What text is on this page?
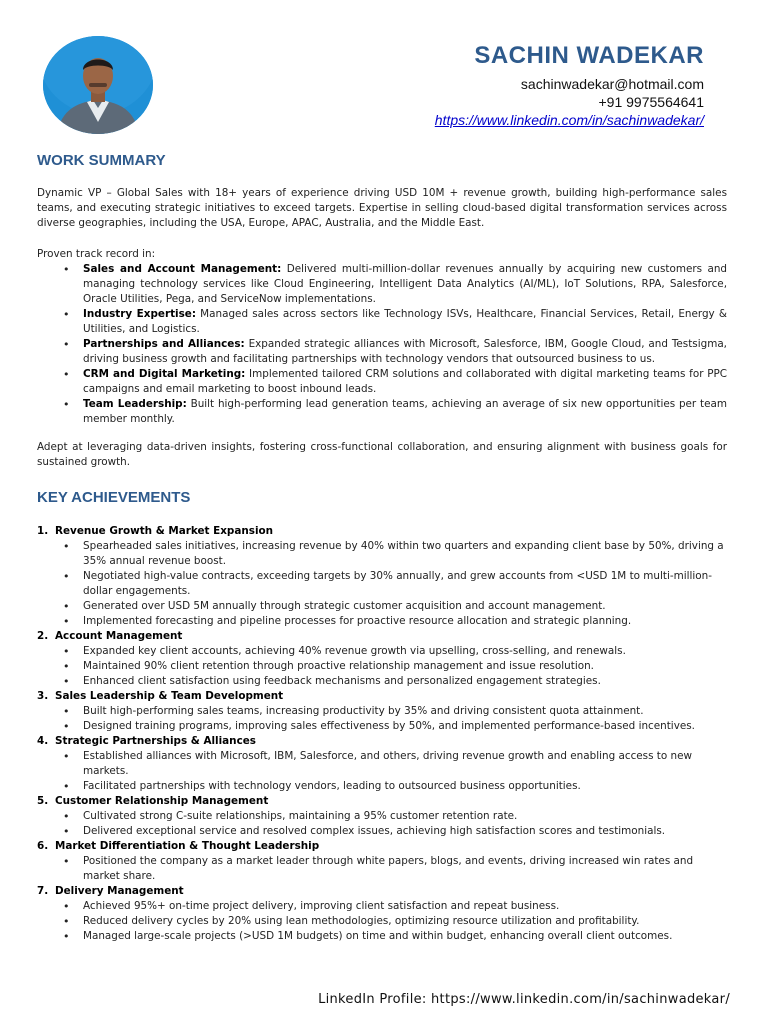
SACHIN WADEKAR
sachinwadekar@hotmail.com
+91 9975564641
https://www.linkedin.com/in/sachinwadekar/
WORK SUMMARY
Dynamic VP – Global Sales with 18+ years of experience driving USD 10M + revenue growth, building high-performance sales teams, and executing strategic initiatives to exceed targets. Expertise in selling cloud-based digital transformation services across diverse geographies, including the USA, Europe, APAC, Australia, and the Middle East.
Proven track record in:
• Sales and Account Management: Delivered multi-million-dollar revenues annually by acquiring new customers and managing technology services like Cloud Engineering, Intelligent Data Analytics (AI/ML), IoT Solutions, RPA, Salesforce, Oracle Utilities, Pega, and ServiceNow implementations.
• Industry Expertise: Managed sales across sectors like Technology ISVs, Healthcare, Financial Services, Retail, Energy & Utilities, and Logistics.
• Partnerships and Alliances: Expanded strategic alliances with Microsoft, Salesforce, IBM, Google Cloud, and Testsigma, driving business growth and facilitating partnerships with technology vendors that outsourced business to us.
• CRM and Digital Marketing: Implemented tailored CRM solutions and collaborated with digital marketing teams for PPC campaigns and email marketing to boost inbound leads.
• Team Leadership: Built high-performing lead generation teams, achieving an average of six new opportunities per team member monthly.
Adept at leveraging data-driven insights, fostering cross-functional collaboration, and ensuring alignment with business goals for sustained growth.
KEY ACHIEVEMENTS
1. Revenue Growth & Market Expansion
• Spearheaded sales initiatives, increasing revenue by 40% within two quarters and expanding client base by 50%, driving a 35% annual revenue boost.
• Negotiated high-value contracts, exceeding targets by 30% annually, and grew accounts from <USD 1M to multi-million-dollar engagements.
• Generated over USD 5M annually through strategic customer acquisition and account management.
• Implemented forecasting and pipeline processes for proactive resource allocation and strategic planning.
2. Account Management
• Expanded key client accounts, achieving 40% revenue growth via upselling, cross-selling, and renewals.
• Maintained 90% client retention through proactive relationship management and issue resolution.
• Enhanced client satisfaction using feedback mechanisms and personalized engagement strategies.
3. Sales Leadership & Team Development
• Built high-performing sales teams, increasing productivity by 35% and driving consistent quota attainment.
• Designed training programs, improving sales effectiveness by 50%, and implemented performance-based incentives.
4. Strategic Partnerships & Alliances
• Established alliances with Microsoft, IBM, Salesforce, and others, driving revenue growth and enabling access to new markets.
• Facilitated partnerships with technology vendors, leading to outsourced business opportunities.
5. Customer Relationship Management
• Cultivated strong C-suite relationships, maintaining a 95% customer retention rate.
• Delivered exceptional service and resolved complex issues, achieving high satisfaction scores and testimonials.
6. Market Differentiation & Thought Leadership
• Positioned the company as a market leader through white papers, blogs, and events, driving increased win rates and market share.
7. Delivery Management
• Achieved 95%+ on-time project delivery, improving client satisfaction and repeat business.
• Reduced delivery cycles by 20% using lean methodologies, optimizing resource utilization and profitability.
• Managed large-scale projects (>USD 1M budgets) on time and within budget, enhancing overall client outcomes.
LinkedIn Profile: https://www.linkedin.com/in/sachinwadekar/
